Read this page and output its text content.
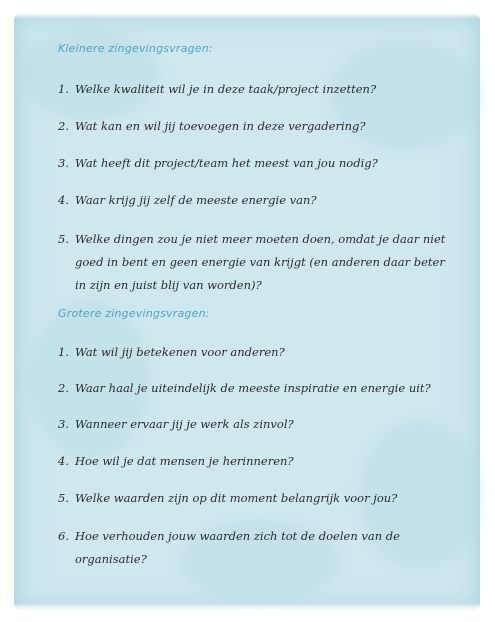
Kleinere zingevingsvragen:
1. Welke kwaliteit wil je in deze taak/project inzetten?
2. Wat kan en wil jij toevoegen in deze vergadering?
3. Wat heeft dit project/team het meest van jou nodig?
4. Waar krijg jij zelf de meeste energie van?
5. Welke dingen zou je niet meer moeten doen, omdat je daar niet goed in bent en geen energie van krijgt (en anderen daar beter in zijn en juist blij van worden)?
Grotere zingevingsvragen:
1. Wat wil jij betekenen voor anderen?
2. Waar haal je uiteindelijk de meeste inspiratie en energie uit?
3. Wanneer ervaar jij je werk als zinvol?
4. Hoe wil je dat mensen je herinneren?
5. Welke waarden zijn op dit moment belangrijk voor jou?
6. Hoe verhouden jouw waarden zich tot de doelen van de organisatie?
